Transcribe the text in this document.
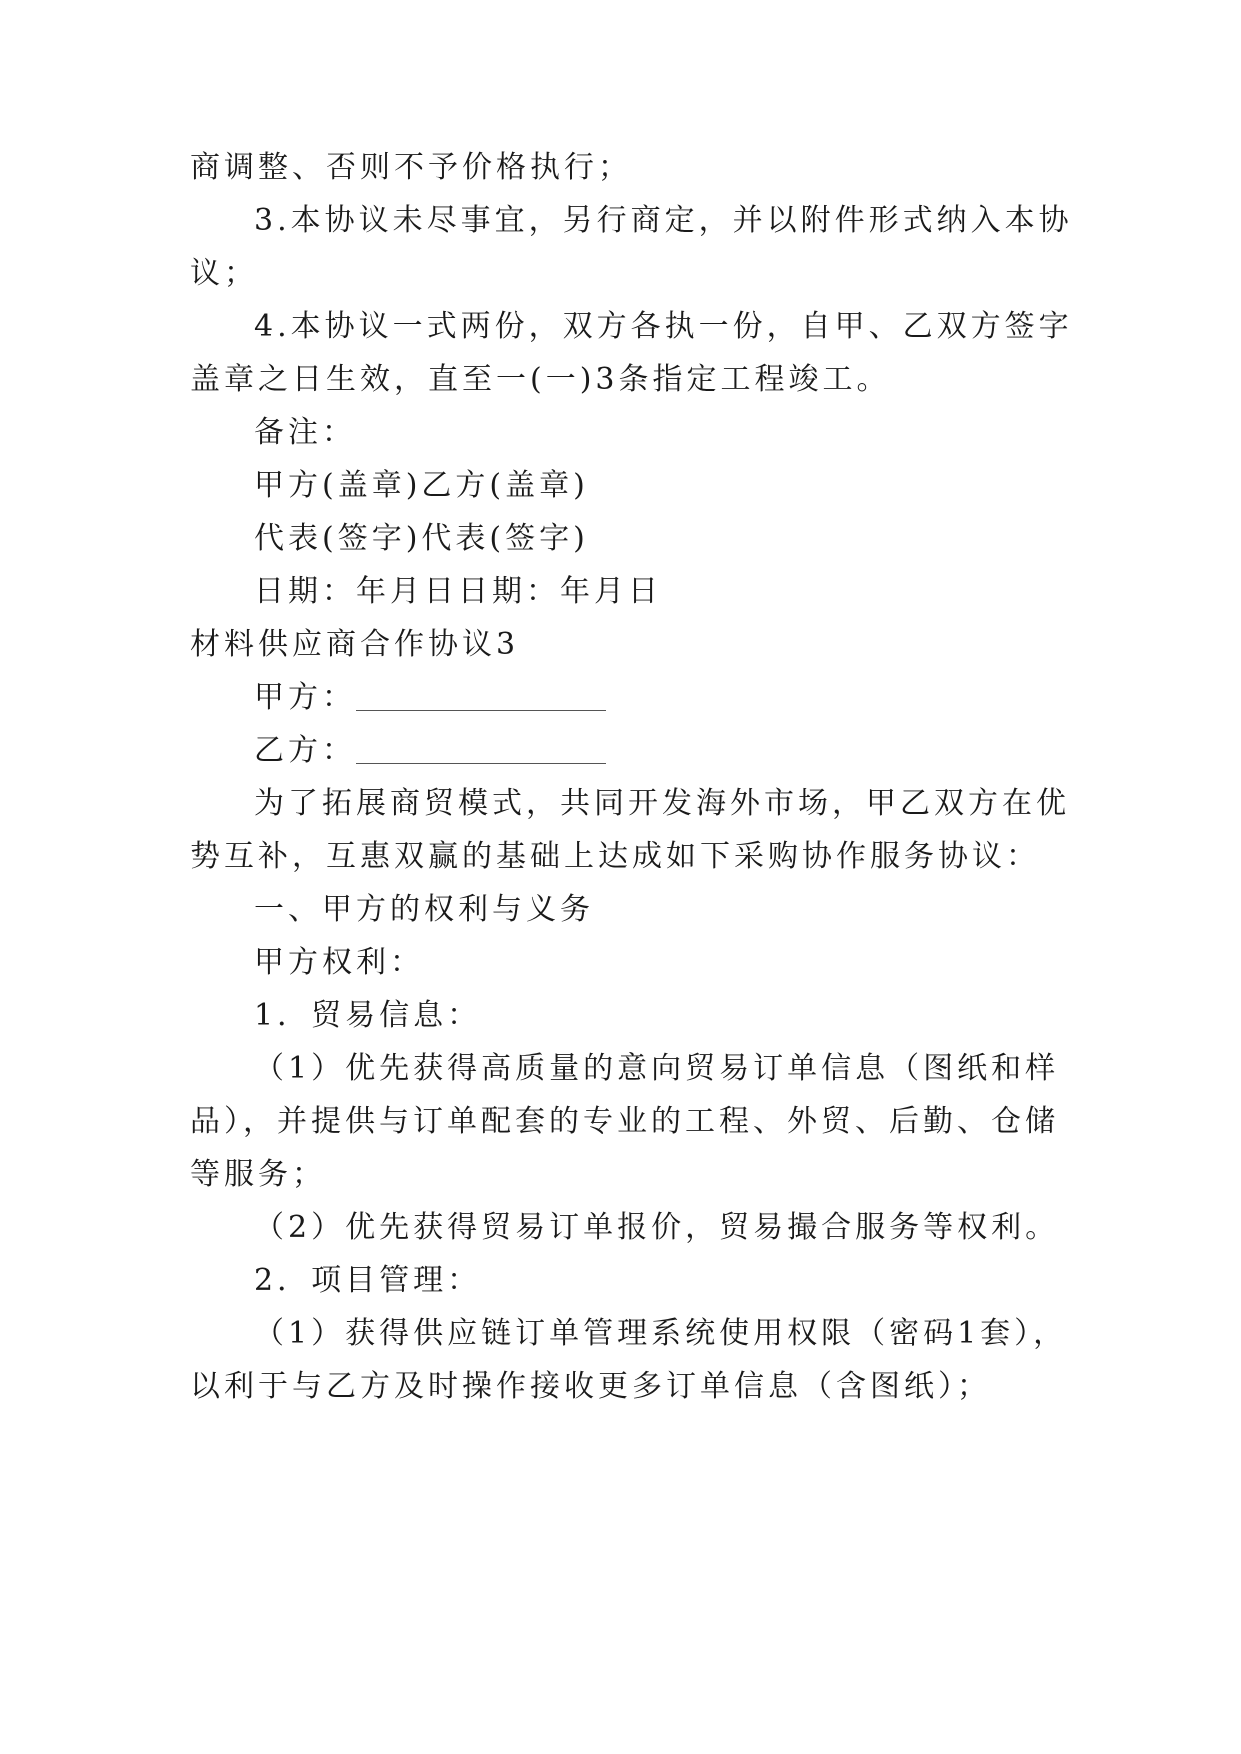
商调整、否则不予价格执行；
3.本协议未尽事宜，另行商定，并以附件形式纳入本协
议；
4.本协议一式两份，双方各执一份，自甲、乙双方签字
盖章之日生效，直至一(一)3条指定工程竣工。
备注：
甲方(盖章)乙方(盖章)
代表(签字)代表(签字)
日期：年月日日期：年月日
材料供应商合作协议3
甲方：
乙方：
为了拓展商贸模式，共同开发海外市场，甲乙双方在优
势互补，互惠双赢的基础上达成如下采购协作服务协议：
一、甲方的权利与义务
甲方权利：
1．贸易信息：
（1）优先获得高质量的意向贸易订单信息（图纸和样
品），并提供与订单配套的专业的工程、外贸、后勤、仓储
等服务；
（2）优先获得贸易订单报价，贸易撮合服务等权利。
2．项目管理：
（1）获得供应链订单管理系统使用权限（密码1套），
以利于与乙方及时操作接收更多订单信息（含图纸）；
